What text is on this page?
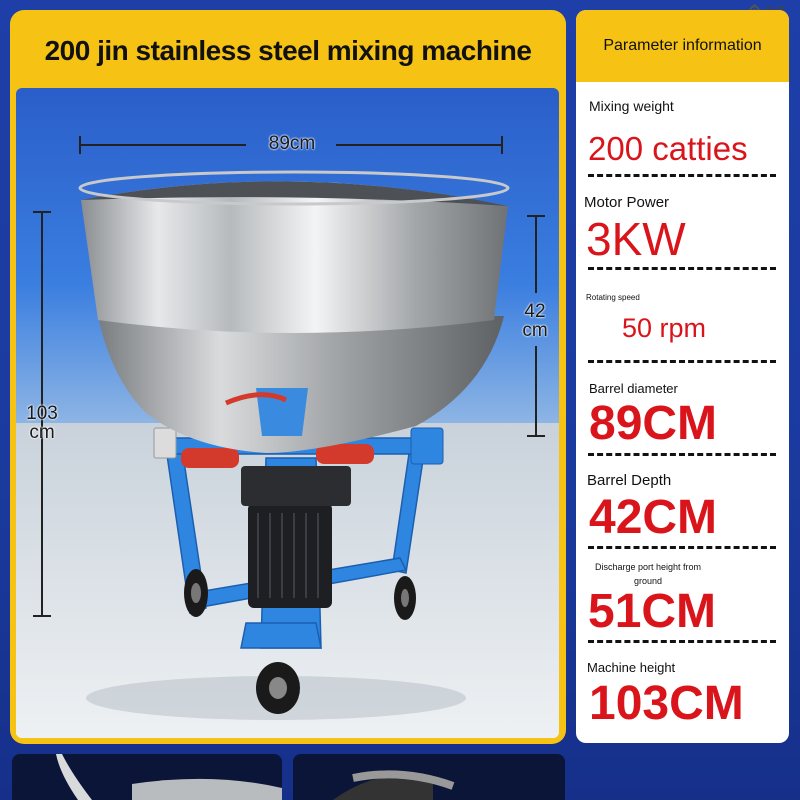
200 jin stainless steel mixing machine
89cm
42
cm
103
cm
Parameter information
Mixing weight
200 catties
Motor Power
3KW
Rotating speed
50 rpm
Barrel diameter
89CM
Barrel Depth
42CM
Discharge port height from
ground
51CM
Machine height
103CM
